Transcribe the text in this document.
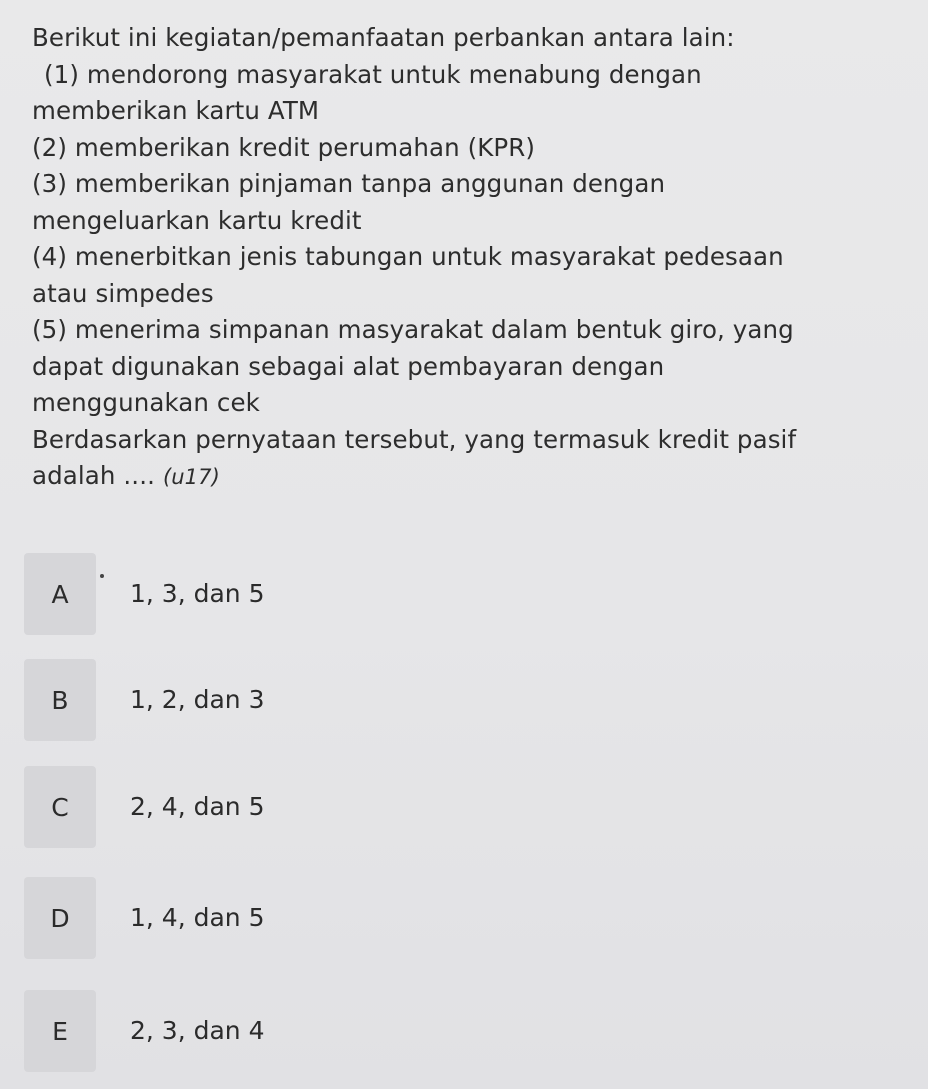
Berikut ini kegiatan/pemanfaatan perbankan antara lain:
(1) mendorong masyarakat untuk menabung dengan
memberikan kartu ATM
(2) memberikan kredit perumahan (KPR)
(3) memberikan pinjaman tanpa anggunan dengan
mengeluarkan kartu kredit
(4) menerbitkan jenis tabungan untuk masyarakat pedesaan
atau simpedes
(5) menerima simpanan masyarakat dalam bentuk giro, yang
dapat digunakan sebagai alat pembayaran dengan
menggunakan cek
Berdasarkan pernyataan tersebut, yang termasuk kredit pasif
adalah .... (u17)
A	1, 3, dan 5
B	1, 2, dan 3
C	2, 4, dan 5
D	1, 4, dan 5
E	2, 3, dan 4
